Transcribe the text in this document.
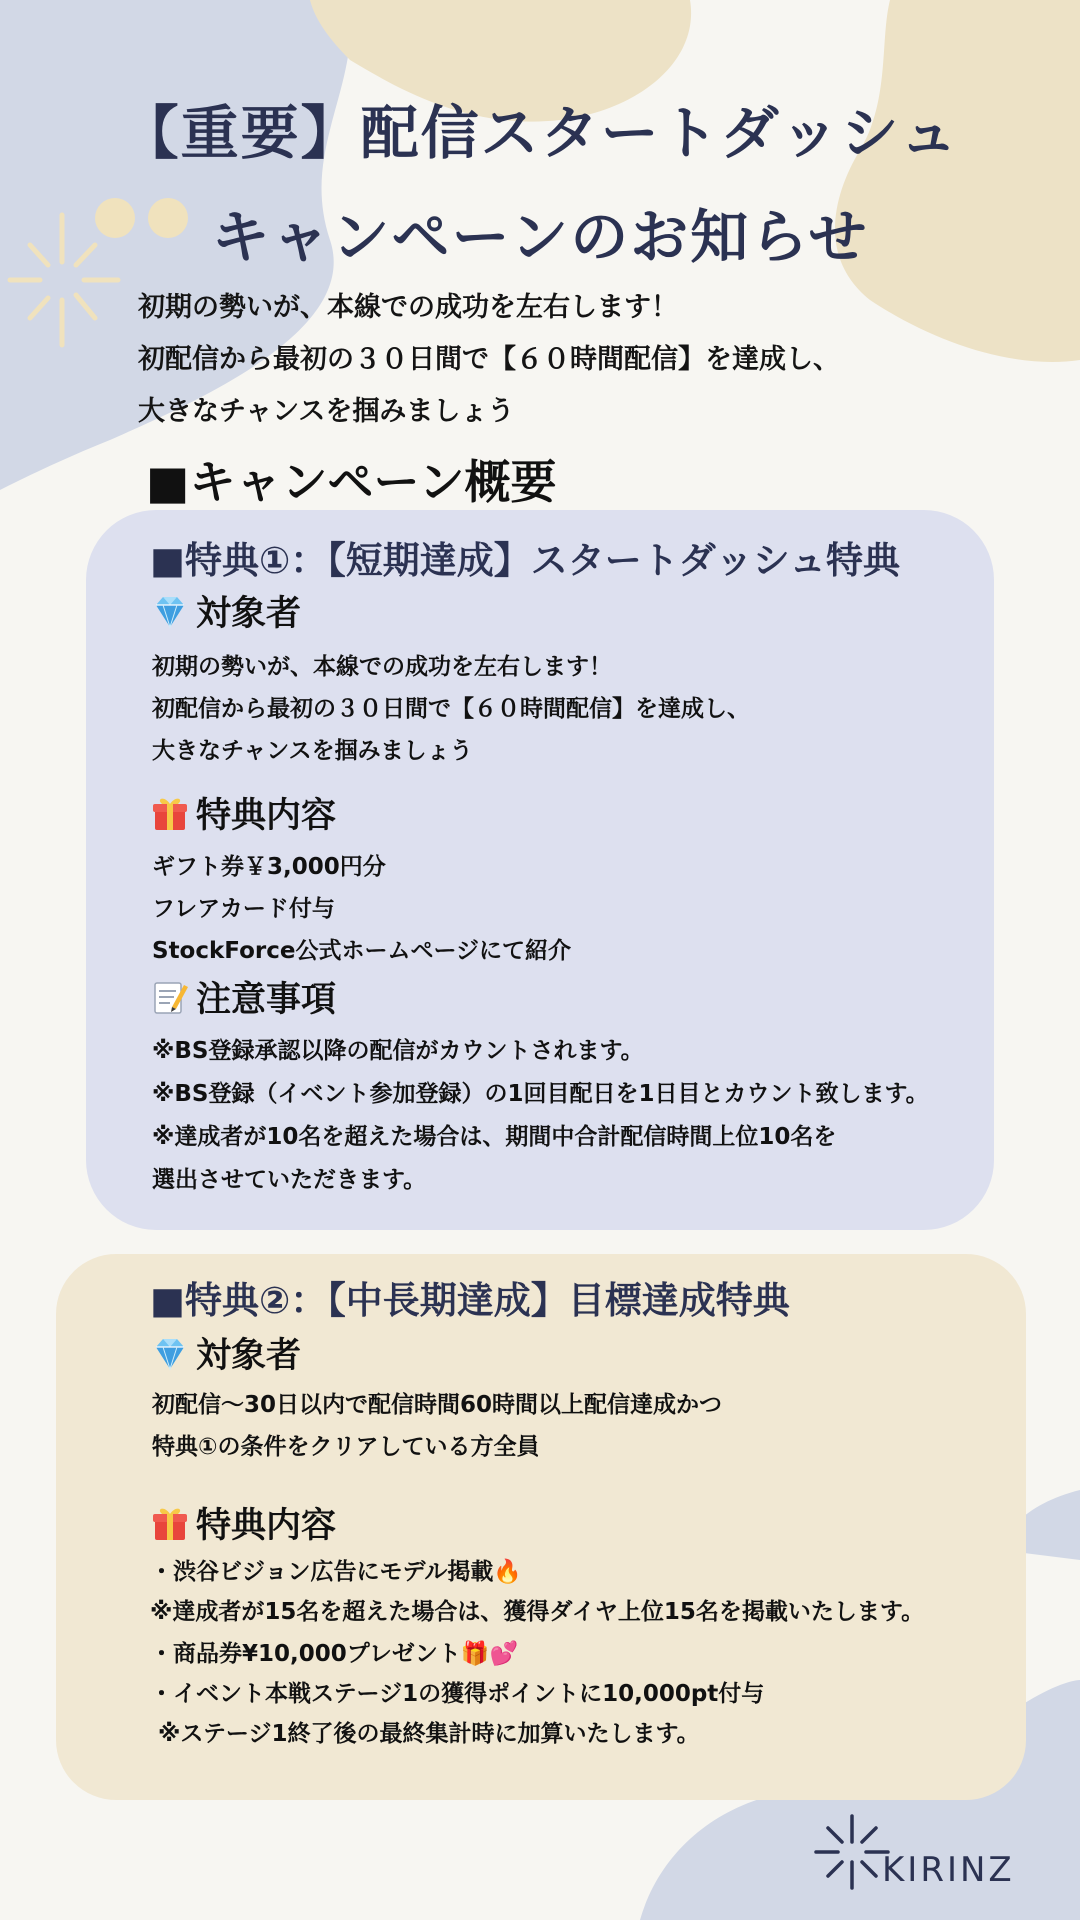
【重要】配信スタートダッシュ
キャンペーンのお知らせ
初期の勢いが、本線での成功を左右します！
初配信から最初の３０日間で【６０時間配信】を達成し、
大きなチャンスを掴みましょう
■キャンペーン概要
■特典①：【短期達成】スタートダッシュ特典
対象者
初期の勢いが、本線での成功を左右します！
初配信から最初の３０日間で【６０時間配信】を達成し、
大きなチャンスを掴みましょう
特典内容
ギフト券￥3,000円分
フレアカード付与
StockForce公式ホームページにて紹介
注意事項
※BS登録承認以降の配信がカウントされます。
※BS登録（イベント参加登録）の1回目配日を1日目とカウント致します。
※達成者が10名を超えた場合は、期間中合計配信時間上位10名を
選出させていただきます。
■特典②：【中長期達成】目標達成特典
対象者
初配信～30日以内で配信時間60時間以上配信達成かつ
特典①の条件をクリアしている方全員
特典内容
・渋谷ビジョン広告にモデル掲載🔥
※達成者が15名を超えた場合は、獲得ダイヤ上位15名を掲載いたします。
・商品券¥10,000プレゼント🎁💕
・イベント本戦ステージ1の獲得ポイントに10,000pt付与
※ステージ1終了後の最終集計時に加算いたします。
KIRINZ
